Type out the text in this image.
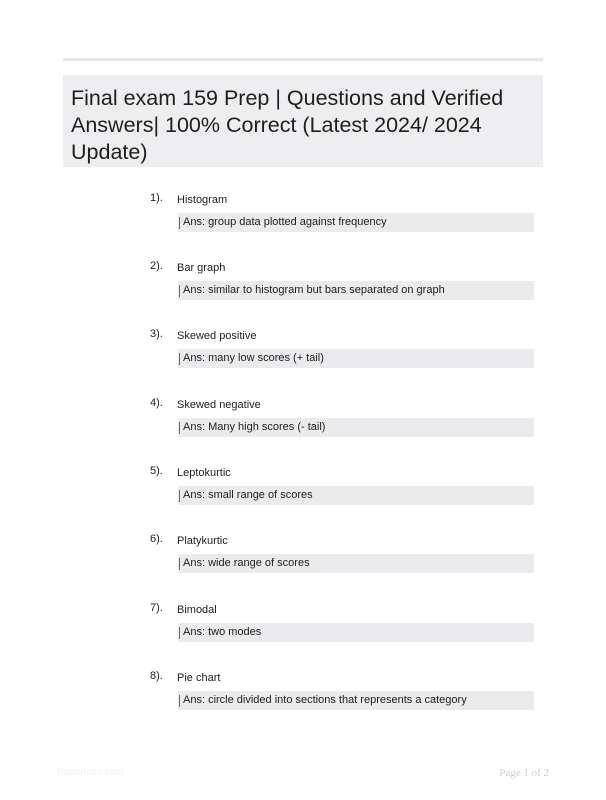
Final exam 159 Prep | Questions and Verified Answers| 100% Correct (Latest 2024/ 2024 Update)
1). Histogram
Ans: group data plotted against frequency
2). Bar graph
Ans: similar to histogram but bars separated on graph
3). Skewed positive
Ans: many low scores (+ tail)
4). Skewed negative
Ans: Many high scores (- tail)
5). Leptokurtic
Ans: small range of scores
6). Platykurtic
Ans: wide range of scores
7). Bimodal
Ans: two modes
8). Pie chart
Ans: circle divided into sections that represents a category
Paperfolio.com	Page 1 of 2
